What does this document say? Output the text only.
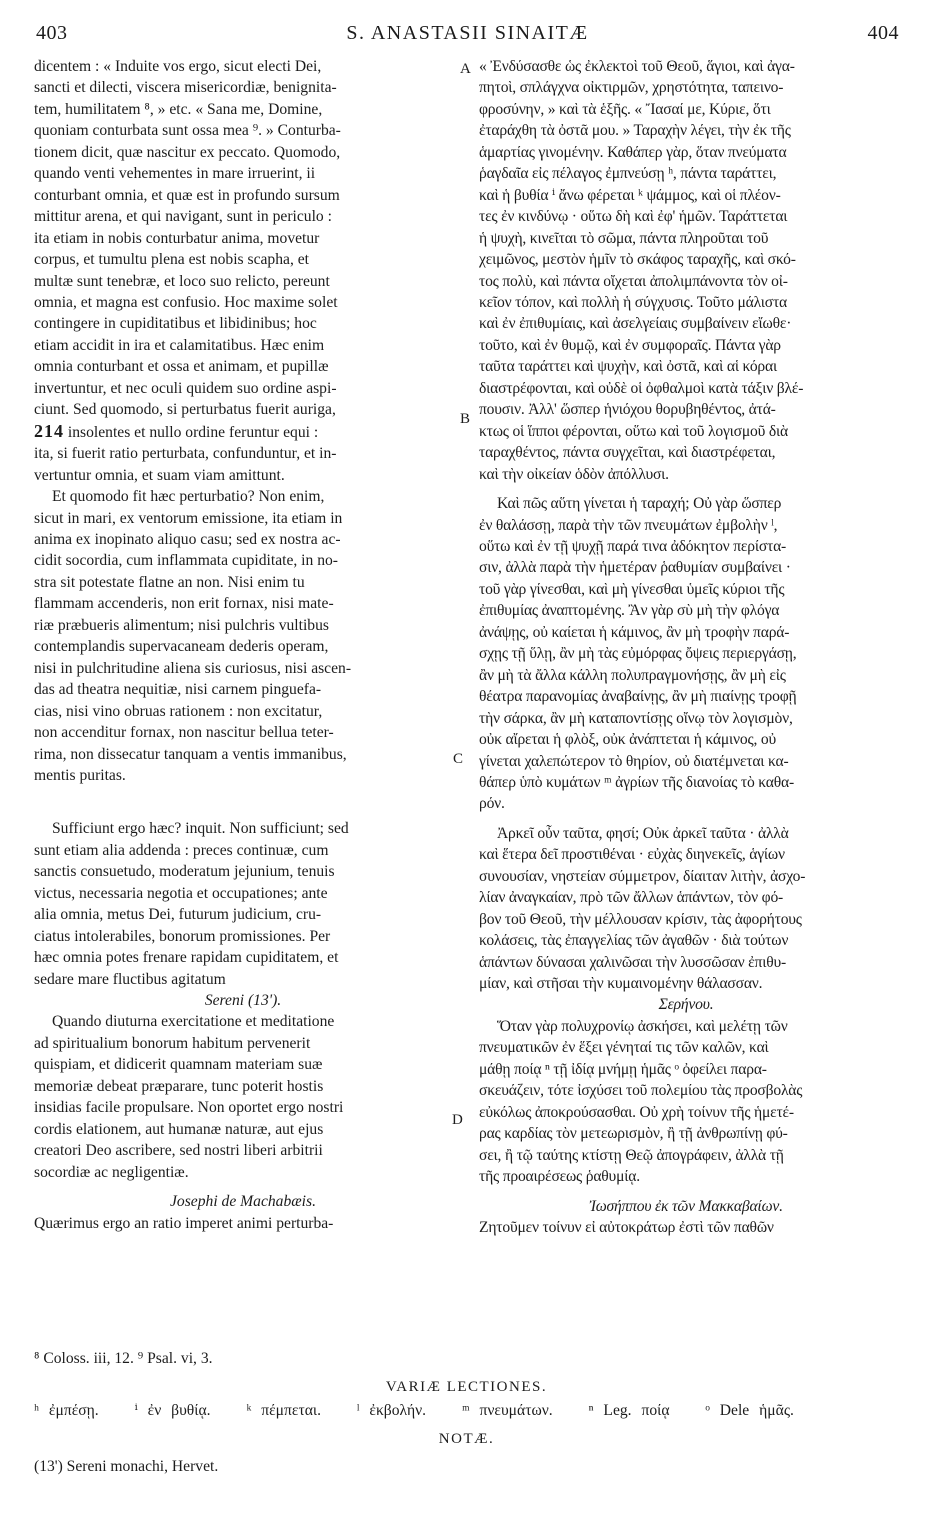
403	S. ANASTASII SINAITÆ	404
A
B
C
D

dicentem : « Induite vos ergo, sicut electi Dei,

sancti et dilecti, viscera misericordiæ, benignita-

tem, humilitatem ⁸, » etc. « Sana me, Domine,

quoniam conturbata sunt ossa mea ⁹. » Conturba-

tionem dicit, quæ nascitur ex peccato. Quomodo,

quando venti vehementes in mare irruerint, ii

conturbant omnia, et quæ est in profundo sursum

mittitur arena, et qui navigant, sunt in periculo :

ita etiam in nobis conturbatur anima, movetur

corpus, et tumultu plena est nobis scapha, et

multæ sunt tenebræ, et loco suo relicto, pereunt

omnia, et magna est confusio. Hoc maxime solet

contingere in cupiditatibus et libidinibus; hoc

etiam accidit in ira et calamitatibus. Hæc enim

omnia conturbant et ossa et animam, et pupillæ

invertuntur, et nec oculi quidem suo ordine aspi-

ciunt. Sed quomodo, si perturbatus fuerit auriga,

214 insolentes et nullo ordine feruntur equi :

ita, si fuerit ratio perturbata, confunduntur, et in-

vertuntur omnia, et suam viam amittunt.

Et quomodo fit hæc perturbatio? Non enim,

sicut in mari, ex ventorum emissione, ita etiam in

anima ex inopinato aliquo casu; sed ex nostra ac-

cidit socordia, cum inflammata cupiditate, in no-

stra sit potestate flatne an non. Nisi enim tu

flammam accenderis, non erit fornax, nisi mate-

riæ præbueris alimentum; nisi pulchris vultibus

contemplandis supervacaneam dederis operam,

nisi in pulchritudine aliena sis curiosus, nisi ascen-

das ad theatra nequitiæ, nisi carnem pinguefa-

cias, nisi vino obruas rationem : non excitatur,

non accenditur fornax, non nascitur bellua teter-

rima, non dissecatur tanquam a ventis immanibus,

mentis puritas.

Sufficiunt ergo hæc? inquit. Non sufficiunt; sed

sunt etiam alia addenda : preces continuæ, cum

sanctis consuetudo, moderatum jejunium, tenuis

victus, necessaria negotia et occupationes; ante

alia omnia, metus Dei, futurum judicium, cru-

ciatus intolerabiles, bonorum promissiones. Per

hæc omnia potes frenare rapidam cupiditatem, et

sedare mare fluctibus agitatum

Sereni (13').

Quando diuturna exercitatione et meditatione

ad spiritualium bonorum habitum pervenerit

quispiam, et didicerit quamnam materiam suæ

memoriæ debeat præparare, tunc poterit hostis

insidias facile propulsare. Non oportet ergo nostri

cordis elationem, aut humanæ naturæ, aut ejus

creatori Deo ascribere, sed nostri liberi arbitrii

socordiæ ac negligentiæ.

Josephi de Machabæis.

Quærimus ergo an ratio imperet animi perturba-

« Ἐνδύσασθε ὡς ἐκλεκτοὶ τοῦ Θεοῦ, ἅγιοι, καὶ ἀγα-

πητοὶ, σπλάγχνα οἰκτιρμῶν, χρηστότητα, ταπεινο-

φροσύνην, » καὶ τὰ ἑξῆς. « Ἴασαί με, Κύριε, ὅτι

ἐταράχθη τὰ ὀστᾶ μου. » Ταραχὴν λέγει, τὴν ἐκ τῆς

ἁμαρτίας γινομένην. Καθάπερ γὰρ, ὅταν πνεύματα

ῥαγδαῖα εἰς πέλαγος ἐμπνεύσῃ ʰ, πάντα ταράττει,

καὶ ἡ βυθία ⁱ ἄνω φέρεται ᵏ ψάμμος, καὶ οἱ πλέον-

τες ἐν κινδύνῳ · οὕτω δὴ καὶ ἐφ' ἡμῶν. Ταράττεται

ἡ ψυχὴ, κινεῖται τὸ σῶμα, πάντα πληροῦται τοῦ

χειμῶνος, μεστὸν ἡμῖν τὸ σκάφος ταραχῆς, καὶ σκό-

τος πολὺ, καὶ πάντα οἴχεται ἀπολιμπάνοντα τὸν οἰ-

κεῖον τόπον, καὶ πολλὴ ἡ σύγχυσις. Τοῦτο μάλιστα

καὶ ἐν ἐπιθυμίαις, καὶ ἀσελγείαις συμβαίνειν εἴωθε·

τοῦτο, καὶ ἐν θυμῷ, καὶ ἐν συμφοραῖς. Πάντα γὰρ

ταῦτα ταράττει καὶ ψυχὴν, καὶ ὀστᾶ, καὶ αἱ κόραι

διαστρέφονται, καὶ οὐδὲ οἱ ὀφθαλμοὶ κατὰ τάξιν βλέ-

πουσιν. Ἀλλ' ὥσπερ ἡνιόχου θορυβηθέντος, ἀτά-

κτως οἱ ἵπποι φέρονται, οὕτω καὶ τοῦ λογισμοῦ διὰ

ταραχθέντος, πάντα συγχεῖται, καὶ διαστρέφεται,

καὶ τὴν οἰκείαν ὁδὸν ἀπόλλυσι.

Καὶ πῶς αὕτη γίνεται ἡ ταραχή; Οὐ γὰρ ὥσπερ

ἐν θαλάσσῃ, παρὰ τὴν τῶν πνευμάτων ἐμβολὴν ˡ,

οὕτω καὶ ἐν τῇ ψυχῇ παρά τινα ἀδόκητον περίστα-

σιν, ἀλλὰ παρὰ τὴν ἡμετέραν ῥαθυμίαν συμβαίνει ·

τοῦ γὰρ γίνεσθαι, καὶ μὴ γίνεσθαι ὑμεῖς κύριοι τῆς

ἐπιθυμίας ἀναπτομένης. Ἂν γὰρ σὺ μὴ τὴν φλόγα

ἀνάψῃς, οὐ καίεται ἡ κάμινος, ἂν μὴ τροφὴν παρά-

σχῃς τῇ ὕλῃ, ἂν μὴ τὰς εὐμόρφας ὄψεις περιεργάσῃ,

ἂν μὴ τὰ ἄλλα κάλλη πολυπραγμονήσῃς, ἂν μὴ εἰς

θέατρα παρανομίας ἀναβαίνῃς, ἂν μὴ πιαίνῃς τροφῇ

τὴν σάρκα, ἂν μὴ καταποντίσῃς οἴνῳ τὸν λογισμὸν,

οὐκ αἴρεται ἡ φλὸξ, οὐκ ἀνάπτεται ἡ κάμινος, οὐ

γίνεται χαλεπώτερον τὸ θηρίον, οὐ διατέμνεται κα-

θάπερ ὑπὸ κυμάτων ᵐ ἀγρίων τῆς διανοίας τὸ καθα-

ρόν.

Ἀρκεῖ οὖν ταῦτα, φησί; Οὐκ ἀρκεῖ ταῦτα · ἀλλὰ

καὶ ἕτερα δεῖ προστιθέναι · εὐχὰς διηνεκεῖς, ἁγίων

συνουσίαν, νηστείαν σύμμετρον, δίαιταν λιτὴν, ἀσχο-

λίαν ἀναγκαίαν, πρὸ τῶν ἄλλων ἁπάντων, τὸν φό-

βον τοῦ Θεοῦ, τὴν μέλλουσαν κρίσιν, τὰς ἀφορήτους

κολάσεις, τὰς ἐπαγγελίας τῶν ἀγαθῶν · διὰ τούτων

ἁπάντων δύνασαι χαλινῶσαι τὴν λυσσῶσαν ἐπιθυ-

μίαν, καὶ στῆσαι τὴν κυμαινομένην θάλασσαν.

Σερήνου.

Ὅταν γὰρ πολυχρονίῳ ἀσκήσει, καὶ μελέτῃ τῶν

πνευματικῶν ἐν ἕξει γένηταί τις τῶν καλῶν, καὶ

μάθῃ ποίᾳ ⁿ τῇ ἰδίᾳ μνήμῃ ἡμᾶς ᵒ ὀφείλει παρα-

σκευάζειν, τότε ἰσχύσει τοῦ πολεμίου τὰς προσβολὰς

εὐκόλως ἀποκρούσασθαι. Οὐ χρὴ τοίνυν τῆς ἡμετέ-

ρας καρδίας τὸν μετεωρισμὸν, ἢ τῇ ἀνθρωπίνῃ φύ-

σει, ἢ τῷ ταύτης κτίστῃ Θεῷ ἀπογράφειν, ἀλλὰ τῇ

τῆς προαιρέσεως ῥαθυμίᾳ.

Ἰωσήππου ἐκ τῶν Μακκαβαίων.

Ζητοῦμεν τοίνυν εἰ αὐτοκράτωρ ἐστὶ τῶν παθῶν

⁸ Coloss. iii, 12. ⁹ Psal. vi, 3.

VARIÆ LECTIONES.

ʰ ἐμπέσῃ. ⁱ ἐν βυθίᾳ. ᵏ πέμπεται. ˡ ἐκβολήν. ᵐ πνευμάτων. ⁿ Leg. ποίᾳ ᵒ Dele ἡμᾶς.

NOTÆ.

(13') Sereni monachi, Hervet.
